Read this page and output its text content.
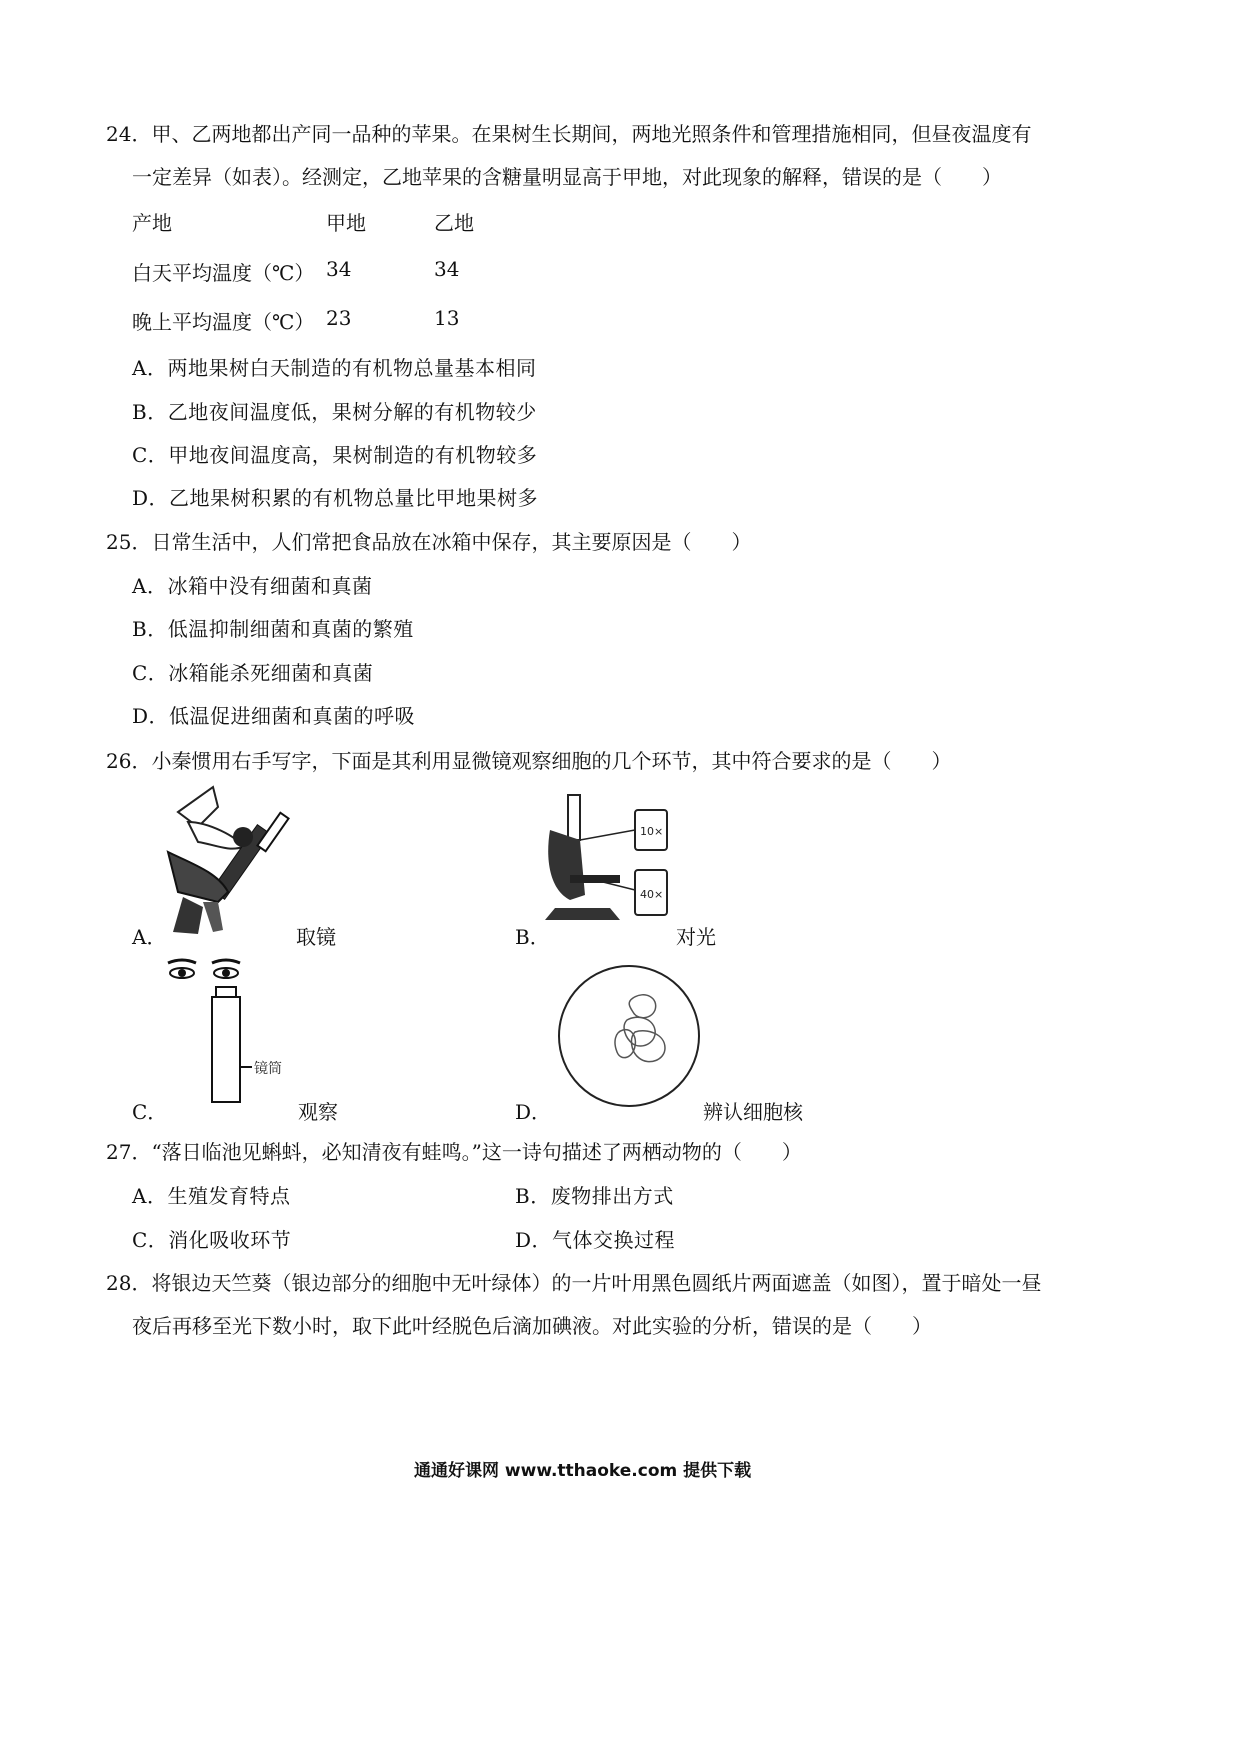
24．甲、乙两地都出产同一品种的苹果。在果树生长期间，两地光照条件和管理措施相同，但昼夜温度有
一定差异（如表）。经测定，乙地苹果的含糖量明显高于甲地，对此现象的解释，错误的是（　　）
产地	甲地	乙地
白天平均温度（℃） 34	34
晚上平均温度（℃） 23	13
A．两地果树白天制造的有机物总量基本相同
B．乙地夜间温度低，果树分解的有机物较少
C．甲地夜间温度高，果树制造的有机物较多
D．乙地果树积累的有机物总量比甲地果树多
25．日常生活中，人们常把食品放在冰箱中保存，其主要原因是（　　）
A．冰箱中没有细菌和真菌
B．低温抑制细菌和真菌的繁殖
C．冰箱能杀死细菌和真菌
D．低温促进细菌和真菌的呼吸
26．小秦惯用右手写字，下面是其利用显微镜观察细胞的几个环节，其中符合要求的是（　　）
A．	取镜
10×
40×
B．	对光
镜筒
C．	观察	D．	辨认细胞核
27．“落日临池见蝌蚪，必知清夜有蛙鸣。”这一诗句描述了两栖动物的（　　）
A．生殖发育特点	B．废物排出方式
C．消化吸收环节	D．气体交换过程
28．将银边天竺葵（银边部分的细胞中无叶绿体）的一片叶用黑色圆纸片两面遮盖（如图），置于暗处一昼
夜后再移至光下数小时，取下此叶经脱色后滴加碘液。对此实验的分析，错误的是（　　）
通通好课网 www.tthaoke.com 提供下载
